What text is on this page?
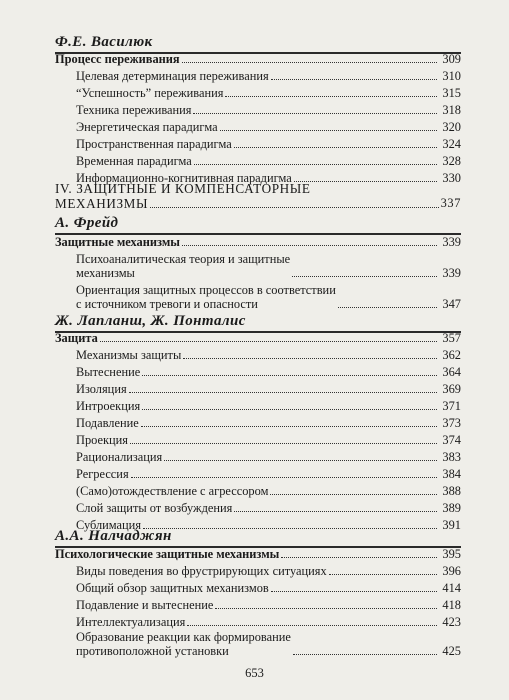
Ф.Е. Василюк
Процесс переживания	309
Целевая детерминация переживания	310
“Успешность” переживания	315
Техника переживания	318
Энергетическая парадигма	320
Пространственная парадигма	324
Временная парадигма	328
Информационно-когнитивная парадигма	330
IV. ЗАЩИТНЫЕ И КОМПЕНСАТОРНЫЕ
МЕХАНИЗМЫ	337
А. Фрейд
Защитные механизмы	339
Психоаналитическая теория и защитные
механизмы	339
Ориентация защитных процессов в соответствии
с источником тревоги и опасности	347
Ж. Лапланш, Ж. Понталис
Защита	357
Механизмы защиты	362
Вытеснение	364
Изоляция	369
Интроекция	371
Подавление	373
Проекция	374
Рационализация	383
Регрессия	384
(Само)отождествление с агрессором	388
Слой защиты от возбуждения	389
Сублимация	391
А.А. Налчаджян
Психологические защитные механизмы	395
Виды поведения во фрустрирующих ситуациях	396
Общий обзор защитных механизмов	414
Подавление и вытеснение	418
Интеллектуализация	423
Образование реакции как формирование
противоположной установки	425
653
